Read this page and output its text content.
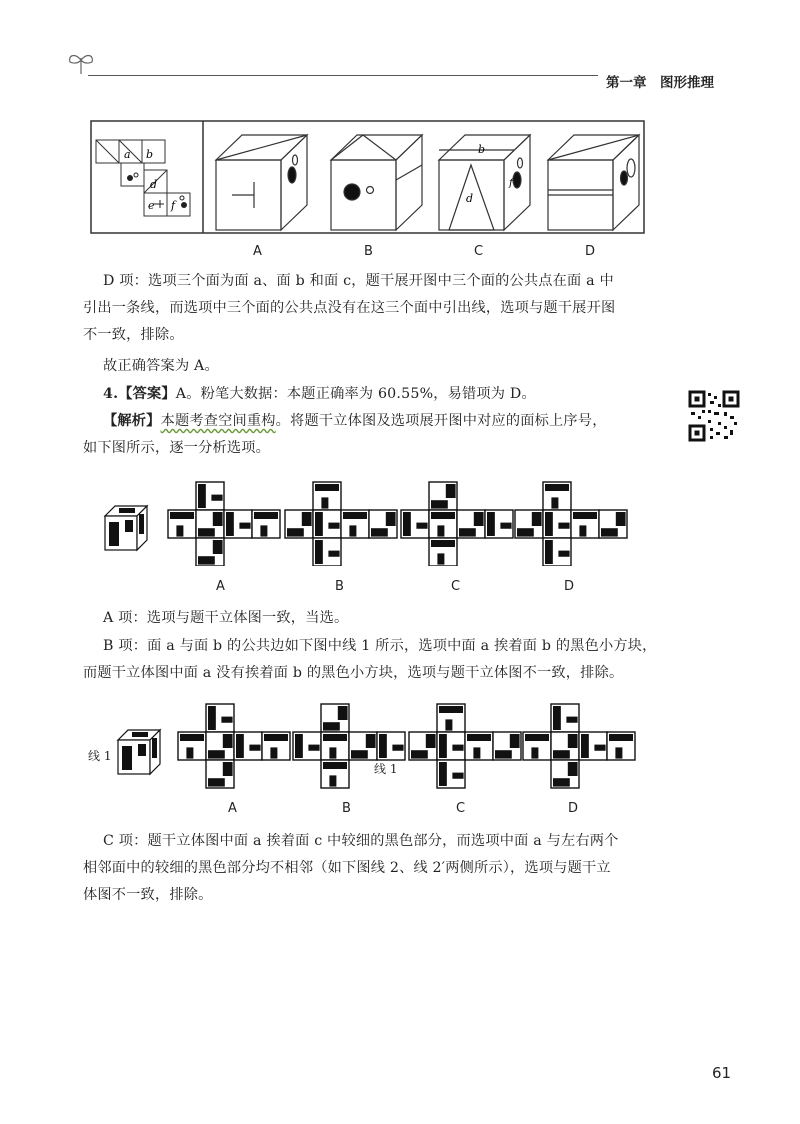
第一章　图形推理
a b
d
e f
b
d
f
A	B	C	D
D 项：选项三个面为面 a、面 b 和面 c，题干展开图中三个面的公共点在面 a 中
引出一条线，而选项中三个面的公共点没有在这三个面中引出线，选项与题干展开图
不一致，排除。
故正确答案为 A。
4.【答案】A。粉笔大数据：本题正确率为 60.55%，易错项为 D。
【解析】本题考查空间重构。将题干立体图及选项展开图中对应的面标上序号，
如下图所示，逐一分析选项。
A	B	C	D
A 项：选项与题干立体图一致，当选。
B 项：面 a 与面 b 的公共边如下图中线 1 所示，选项中面 a 挨着面 b 的黑色小方块，
而题干立体图中面 a 没有挨着面 b 的黑色小方块，选项与题干立体图不一致，排除。
线 1
线 1
A	B	C	D
C 项：题干立体图中面 a 挨着面 c 中较细的黑色部分，而选项中面 a 与左右两个
相邻面中的较细的黑色部分均不相邻（如下图线 2、线 2′两侧所示），选项与题干立
体图不一致，排除。
61
